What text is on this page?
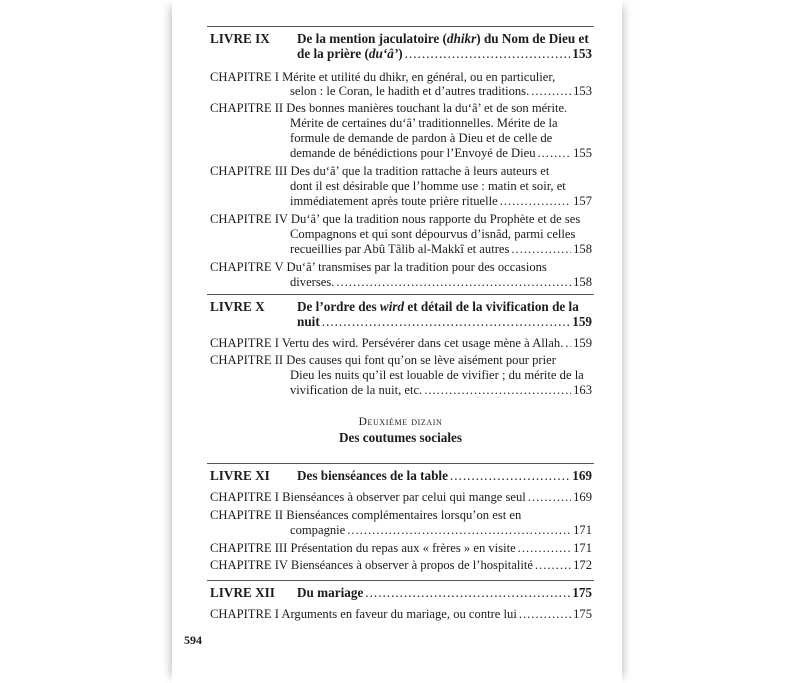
LIVRE IX De la mention jaculatoire (dhikr) du Nom de Dieu et
de la prière (du‘â’) .....	153
CHAPITRE I Mérite et utilité du dhikr, en général, ou en particulier,
selon : le Coran, le hadith et d’autres traditions. .....	153
CHAPITRE II Des bonnes manières touchant la du‘â’ et de son mérite.
Mérite de certaines du‘â’ traditionnelles. Mérite de la
formule de demande de pardon à Dieu et de celle de
demande de bénédictions pour l’Envoyé de Dieu .....	155
CHAPITRE III Des du‘â’ que la tradition rattache à leurs auteurs et
dont il est désirable que l’homme use : matin et soir, et
immédiatement après toute prière rituelle .....	157
CHAPITRE IV Du‘â’ que la tradition nous rapporte du Prophète et de ses
Compagnons et qui sont dépourvus d’isnâd, parmi celles
recueillies par Abû Tâlib al-Makkî et autres .....	158
CHAPITRE V Du‘â’ transmises par la tradition pour des occasions
diverses. .....	158
LIVRE X De l’ordre des wird et détail de la vivification de la
nuit .....	159
CHAPITRE I Vertu des wird. Persévérer dans cet usage mène à Allah. ..... 159
CHAPITRE II Des causes qui font qu’on se lève aisément pour prier
Dieu les nuits qu’il est louable de vivifier ; du mérite de la
vivification de la nuit, etc. .....	163
Deuxième dizain
Des coutumes sociales
LIVRE XI Des bienséances de la table .....	169
CHAPITRE I Bienséances à observer par celui qui mange seul .....	169
CHAPITRE II Bienséances complémentaires lorsqu’on est en
compagnie .....	171
CHAPITRE III Présentation du repas aux « frères » en visite .....	171
CHAPITRE IV Bienséances à observer à propos de l’hospitalité .....	172
LIVRE XII Du mariage .....	175
CHAPITRE I Arguments en faveur du mariage, ou contre lui .....	175
594
